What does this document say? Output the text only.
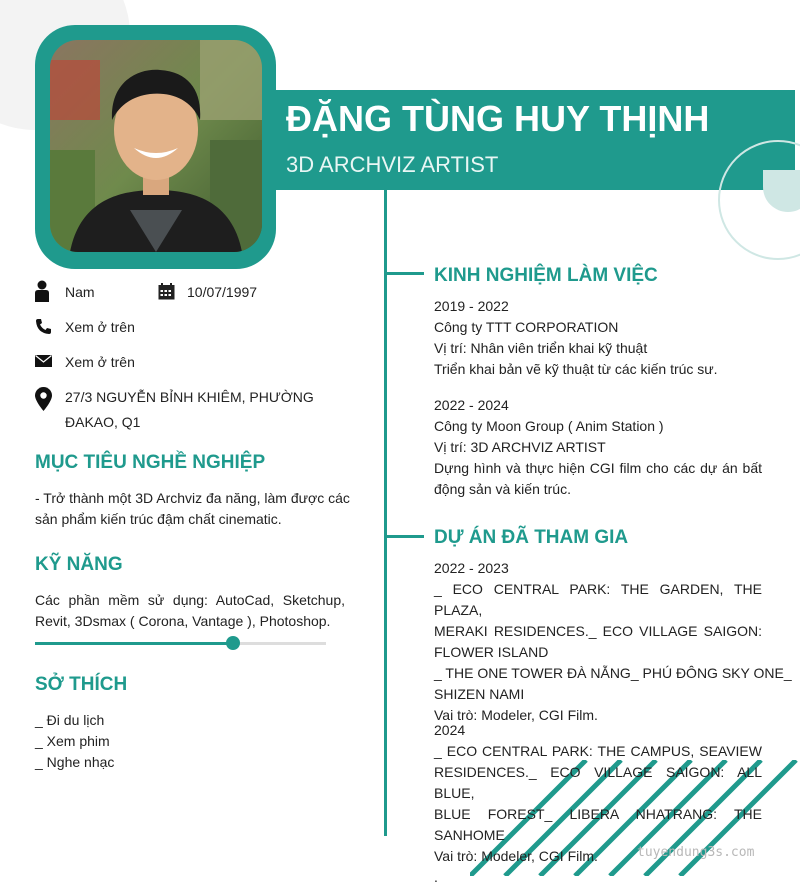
ĐẶNG TÙNG HUY THỊNH
3D ARCHVIZ ARTIST
Nam	10/07/1997
Xem ở trên
Xem ở trên
27/3 NGUYỄN BỈNH KHIÊM, PHƯỜNG
ĐAKAO, Q1
MỤC TIÊU NGHỀ NGHIỆP
- Trở thành một 3D Archviz đa năng, làm được các
sản phẩm kiến trúc đậm chất cinematic.
KỸ NĂNG
Các phần mềm sử dụng: AutoCad, Sketchup,
Revit, 3Dsmax ( Corona, Vantage ), Photoshop.
SỞ THÍCH
_ Đi du lịch
_ Xem phim
_ Nghe nhạc
KINH NGHIỆM LÀM VIỆC
2019 - 2022
Công ty TTT CORPORATION
Vị trí: Nhân viên triển khai kỹ thuật
Triển khai bản vẽ kỹ thuật từ các kiến trúc sư.
2022 - 2024
Công ty Moon Group ( Anim Station )
Vị trí: 3D ARCHVIZ ARTIST
Dựng hình và thực hiện CGI film cho các dự án bất
động sản và kiến trúc.
DỰ ÁN ĐÃ THAM GIA
2022 - 2023
_ ECO CENTRAL PARK: THE GARDEN, THE PLAZA,
MERAKI RESIDENCES._ ECO VILLAGE SAIGON:
FLOWER ISLAND
_ THE ONE TOWER ĐÀ NẴNG_ PHÚ ĐÔNG SKY ONE_
SHIZEN NAMI
Vai trò: Modeler, CGI Film.
2024
_ ECO CENTRAL PARK: THE CAMPUS, SEAVIEW
RESIDENCES._ ECO VILLAGE SAIGON: ALL BLUE,
BLUE FOREST_ LIBERA NHATRANG: THE SANHOME
Vai trò: Modeler, CGI Film.
.
tuyendung3s.com
